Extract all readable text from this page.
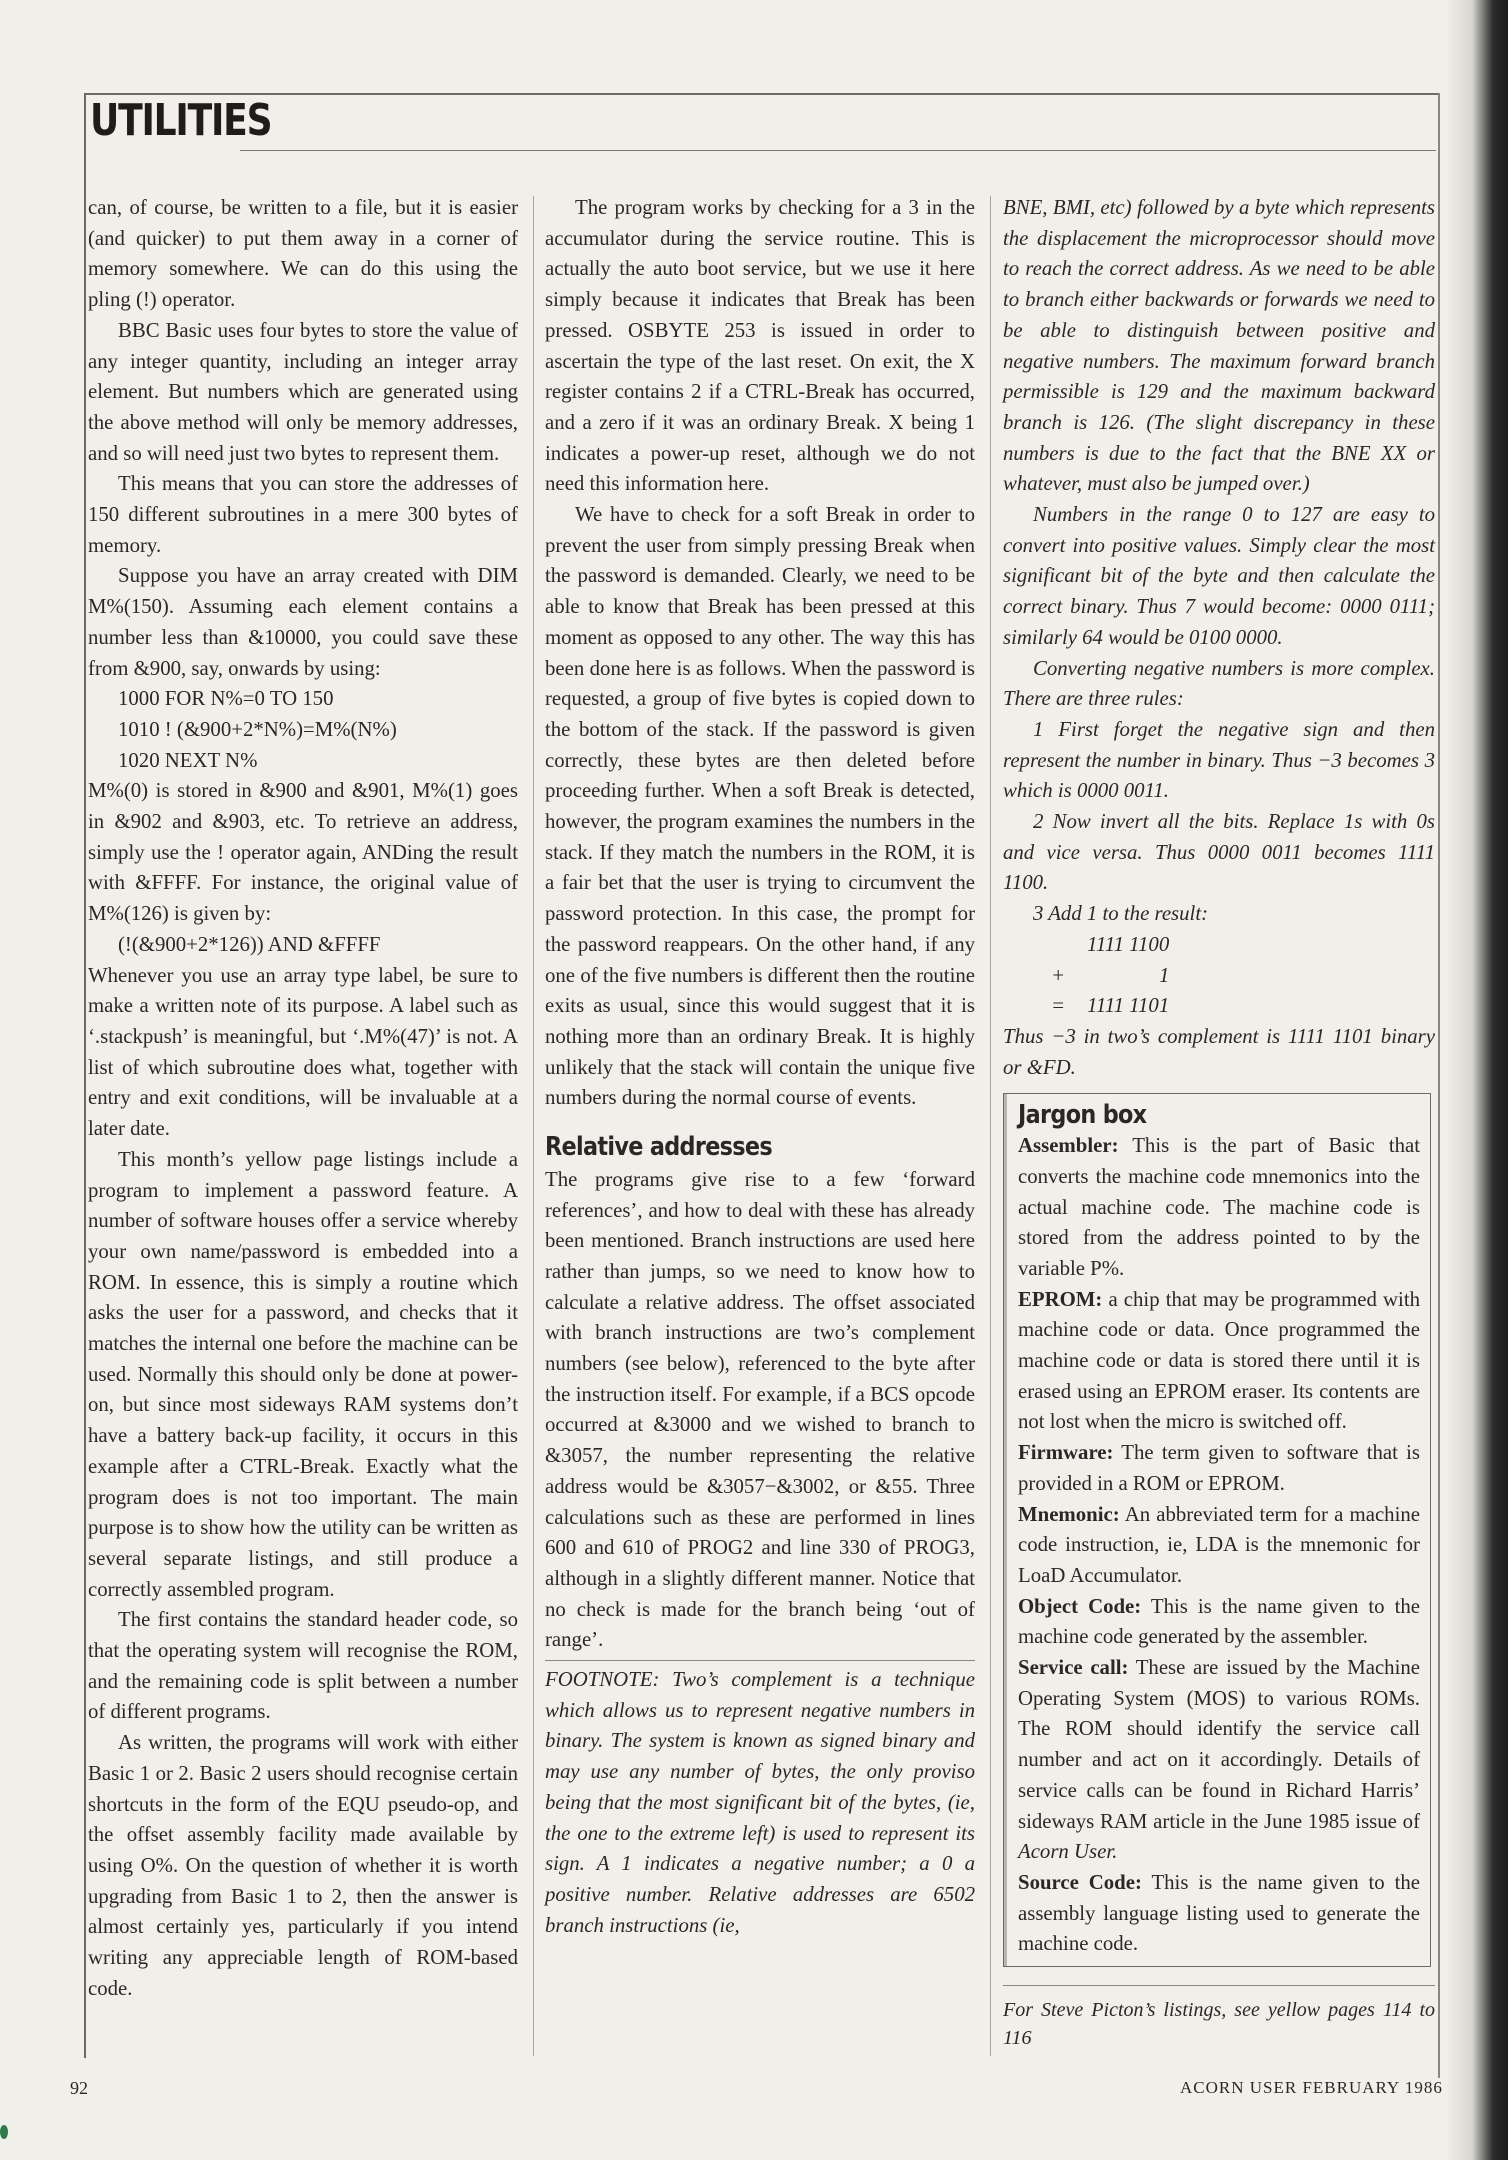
UTILITIES

can, of course, be written to a file, but it is easier (and quicker) to put them away in a corner of memory somewhere. We can do this using the pling (!) operator.

BBC Basic uses four bytes to store the value of any integer quantity, including an integer array element. But numbers which are generated using the above method will only be memory addresses, and so will need just two bytes to represent them.

This means that you can store the addresses of 150 different subroutines in a mere 300 bytes of memory.

Suppose you have an array created with DIM M%(150). Assuming each element contains a number less than &10000, you could save these from &900, say, onwards by using:

1000 FOR N%=0 TO 150

1010 ! (&900+2*N%)=M%(N%)

1020 NEXT N%

M%(0) is stored in &900 and &901, M%(1) goes in &902 and &903, etc. To retrieve an address, simply use the ! operator again, ANDing the result with &FFFF. For instance, the original value of M%(126) is given by:

(!(&900+2*126)) AND &FFFF

Whenever you use an array type label, be sure to make a written note of its purpose. A label such as ‘.stackpush’ is meaningful, but ‘.M%(47)’ is not. A list of which subroutine does what, together with entry and exit conditions, will be invaluable at a later date.

This month’s yellow page listings include a program to implement a password feature. A number of software houses offer a service whereby your own name/password is embedded into a ROM. In essence, this is simply a routine which asks the user for a password, and checks that it matches the internal one before the machine can be used. Normally this should only be done at power-on, but since most sideways RAM systems don’t have a battery back-up facility, it occurs in this example after a CTRL-Break. Exactly what the program does is not too important. The main purpose is to show how the utility can be written as several separate listings, and still produce a correctly assembled program.

The first contains the standard header code, so that the operating system will recognise the ROM, and the remaining code is split between a number of different programs.

As written, the programs will work with either Basic 1 or 2. Basic 2 users should recognise certain shortcuts in the form of the EQU pseudo-op, and the offset assembly facility made available by using O%. On the question of whether it is worth upgrading from Basic 1 to 2, then the answer is almost certainly yes, particularly if you intend writing any appreciable length of ROM-based code.

The program works by checking for a 3 in the accumulator during the service routine. This is actually the auto boot service, but we use it here simply because it indicates that Break has been pressed. OSBYTE 253 is issued in order to ascertain the type of the last reset. On exit, the X register contains 2 if a CTRL-Break has occurred, and a zero if it was an ordinary Break. X being 1 indicates a power-up reset, although we do not need this information here.

We have to check for a soft Break in order to prevent the user from simply pressing Break when the password is demanded. Clearly, we need to be able to know that Break has been pressed at this moment as opposed to any other. The way this has been done here is as follows. When the password is requested, a group of five bytes is copied down to the bottom of the stack. If the password is given correctly, these bytes are then deleted before proceeding further. When a soft Break is detected, however, the program examines the numbers in the stack. If they match the numbers in the ROM, it is a fair bet that the user is trying to circumvent the password protection. In this case, the prompt for the password reappears. On the other hand, if any one of the five numbers is different then the routine exits as usual, since this would suggest that it is nothing more than an ordinary Break. It is highly unlikely that the stack will contain the unique five numbers during the normal course of events.

Relative addresses

The programs give rise to a few ‘forward references’, and how to deal with these has already been mentioned. Branch instructions are used here rather than jumps, so we need to know how to calculate a relative address. The offset associated with branch instructions are two’s complement numbers (see below), referenced to the byte after the instruction itself. For example, if a BCS opcode occurred at &3000 and we wished to branch to &3057, the number representing the relative address would be &3057−&3002, or &55. Three calculations such as these are performed in lines 600 and 610 of PROG2 and line 330 of PROG3, although in a slightly different manner. Notice that no check is made for the branch being ‘out of range’.

FOOTNOTE: Two’s complement is a technique which allows us to represent negative numbers in binary. The system is known as signed binary and may use any number of bytes, the only proviso being that the most significant bit of the bytes, (ie, the one to the extreme left) is used to represent its sign. A 1 indicates a negative number; a 0 a positive number. Relative addresses are 6502 branch instructions (ie,

BNE, BMI, etc) followed by a byte which represents the displacement the microprocessor should move to reach the correct address. As we need to be able to branch either backwards or forwards we need to be able to distinguish between positive and negative numbers. The maximum forward branch permissible is 129 and the maximum backward branch is 126. (The slight discrepancy in these numbers is due to the fact that the BNE XX or whatever, must also be jumped over.)

Numbers in the range 0 to 127 are easy to convert into positive values. Simply clear the most significant bit of the byte and then calculate the correct binary. Thus 7 would become: 0000 0111; similarly 64 would be 0100 0000.

Converting negative numbers is more complex. There are three rules:

1 First forget the negative sign and then represent the number in binary. Thus −3 becomes 3 which is 0000 0011.

2 Now invert all the bits. Replace 1s with 0s and vice versa. Thus 0000 0011 becomes 1111 1100.

3 Add 1 to the result:

1111 1100
+	1
=	1111 1101

Thus −3 in two’s complement is 1111 1101 binary or &FD.

Jargon box

Assembler: This is the part of Basic that converts the machine code mnemonics into the actual machine code. The machine code is stored from the address pointed to by the variable P%.

EPROM: a chip that may be programmed with machine code or data. Once programmed the machine code or data is stored there until it is erased using an EPROM eraser. Its contents are not lost when the micro is switched off.

Firmware: The term given to software that is provided in a ROM or EPROM.

Mnemonic: An abbreviated term for a machine code instruction, ie, LDA is the mnemonic for LoaD Accumulator.

Object Code: This is the name given to the machine code generated by the assembler.

Service call: These are issued by the Machine Operating System (MOS) to various ROMs. The ROM should identify the service call number and act on it accordingly. Details of service calls can be found in Richard Harris’ sideways RAM article in the June 1985 issue of Acorn User.

Source Code: This is the name given to the assembly language listing used to generate the machine code.

For Steve Picton’s listings, see yellow pages 114 to 116

92	ACORN USER FEBRUARY 1986
